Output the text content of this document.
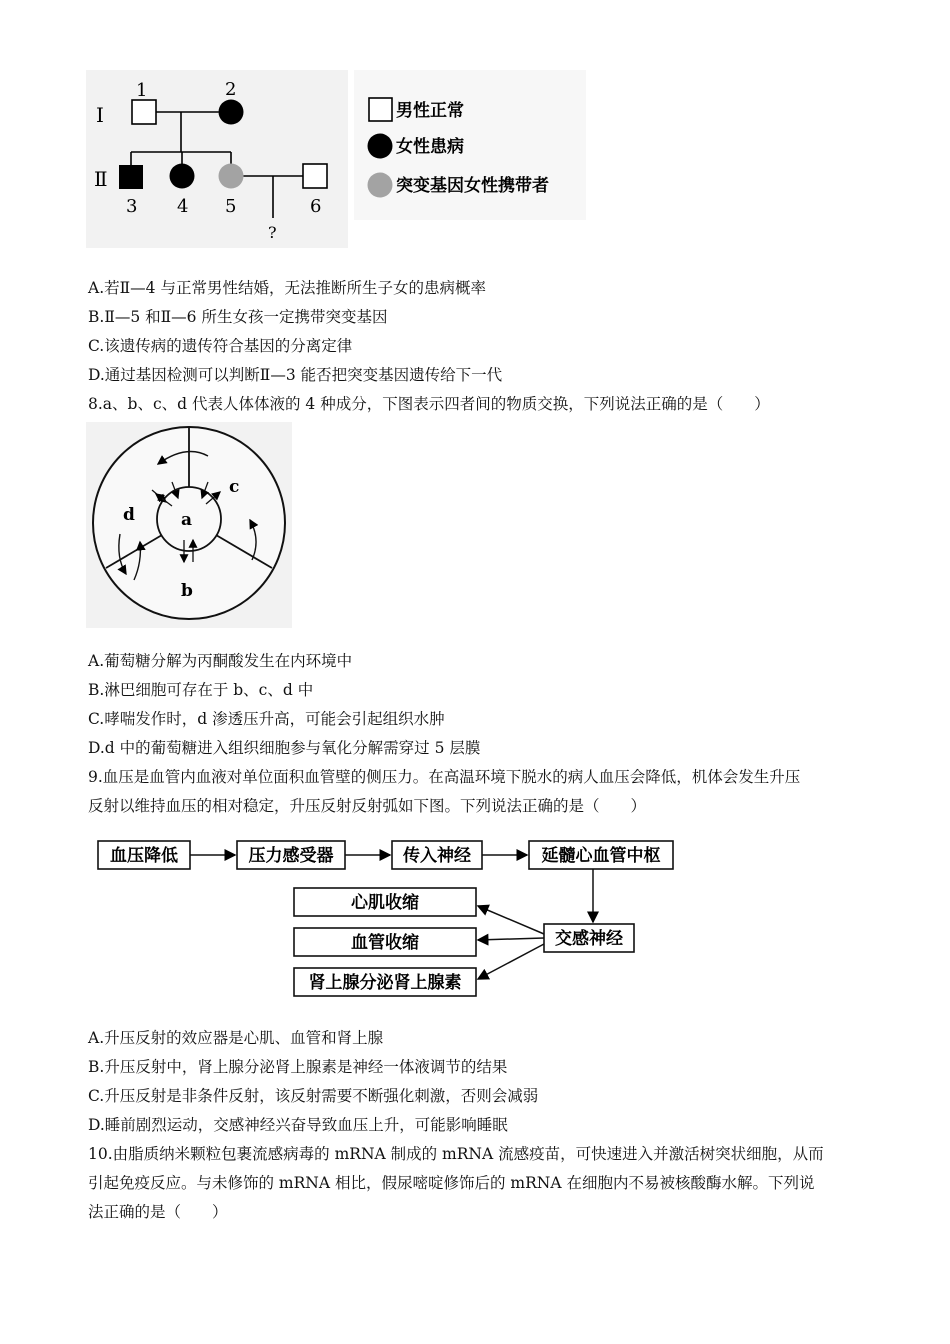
Ⅰ
Ⅱ
1	2
3 4 5	6
?
男性正常
女性患病
突变基因女性携带者
A.若Ⅱ—4 与正常男性结婚，无法推断所生子女的患病概率
B.Ⅱ—5 和Ⅱ—6 所生女孩一定携带突变基因
C.该遗传病的遗传符合基因的分离定律
D.通过基因检测可以判断Ⅱ—3 能否把突变基因遗传给下一代
8.a、b、c、d 代表人体体液的 4 种成分，下图表示四者间的物质交换，下列说法正确的是（　　）
a
b
c
d
A.葡萄糖分解为丙酮酸发生在内环境中
B.淋巴细胞可存在于 b、c、d 中
C.哮喘发作时，d 渗透压升高，可能会引起组织水肿
D.d 中的葡萄糖进入组织细胞参与氧化分解需穿过 5 层膜
9.血压是血管内血液对单位面积血管壁的侧压力。在高温环境下脱水的病人血压会降低，机体会发生升压
反射以维持血压的相对稳定，升压反射反射弧如下图。下列说法正确的是（　　）
血压降低	压力感受器	传入神经	延髓心血管中枢
交感神经
心肌收缩
血管收缩
肾上腺分泌肾上腺素
A.升压反射的效应器是心肌、血管和肾上腺
B.升压反射中，肾上腺分泌肾上腺素是神经一体液调节的结果
C.升压反射是非条件反射，该反射需要不断强化刺激，否则会减弱
D.睡前剧烈运动，交感神经兴奋导致血压上升，可能影响睡眠
10.由脂质纳米颗粒包裹流感病毒的 mRNA 制成的 mRNA 流感疫苗，可快速进入并激活树突状细胞，从而
引起免疫反应。与未修饰的 mRNA 相比，假尿嘧啶修饰后的 mRNA 在细胞内不易被核酸酶水解。下列说
法正确的是（　　）
